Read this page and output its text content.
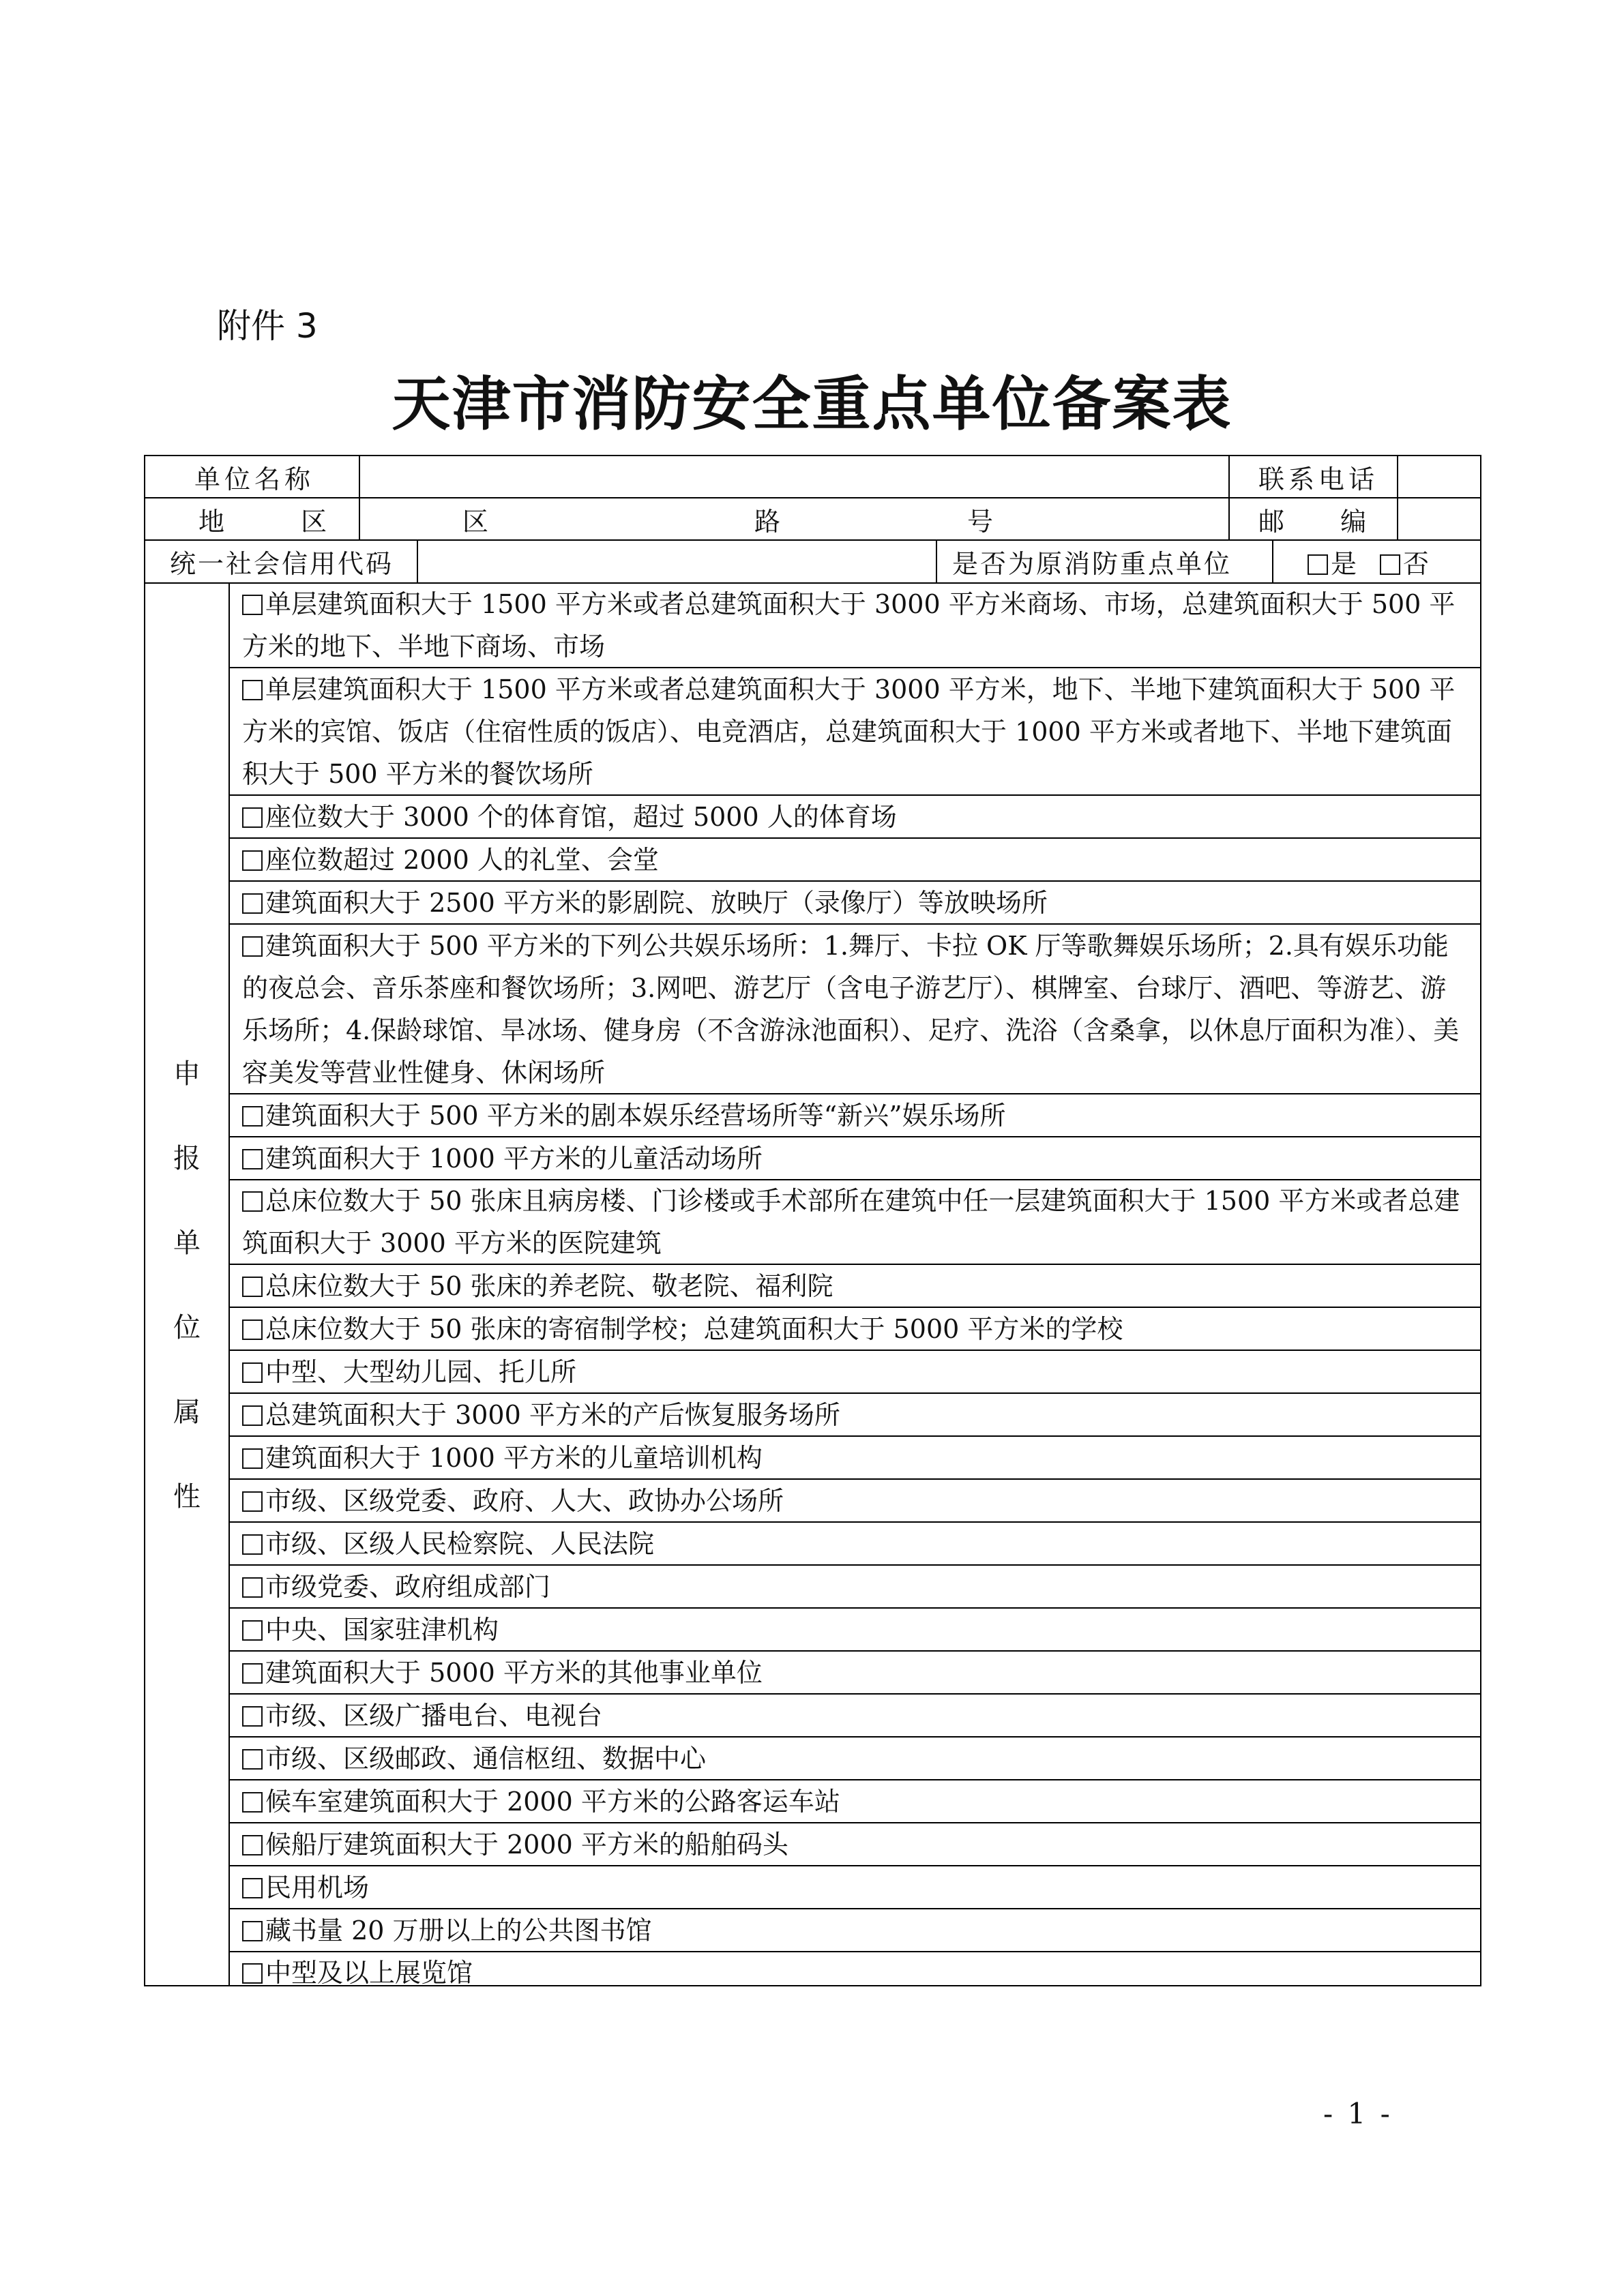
附件 3
天津市消防安全重点单位备案表
单位名称	联系电话
地 区	区	路	号	邮 编
统一社会信用代码	是否为原消防重点单位	是	否
申
报
单
位
属
性
单层建筑面积大于 1500 平方米或者总建筑面积大于 3000 平方米商场、市场，总建筑面积大于 500 平方米的地下、半地下商场、市场
单层建筑面积大于 1500 平方米或者总建筑面积大于 3000 平方米，地下、半地下建筑面积大于 500 平方米的宾馆、饭店（住宿性质的饭店）、电竞酒店，总建筑面积大于 1000 平方米或者地下、半地下建筑面积大于 500 平方米的餐饮场所
座位数大于 3000 个的体育馆，超过 5000 人的体育场
座位数超过 2000 人的礼堂、会堂
建筑面积大于 2500 平方米的影剧院、放映厅（录像厅）等放映场所
建筑面积大于 500 平方米的下列公共娱乐场所：1.舞厅、卡拉 OK 厅等歌舞娱乐场所；2.具有娱乐功能的夜总会、音乐茶座和餐饮场所；3.网吧、游艺厅（含电子游艺厅）、棋牌室、台球厅、酒吧、等游艺、游乐场所；4.保龄球馆、旱冰场、健身房（不含游泳池面积）、足疗、洗浴（含桑拿，以休息厅面积为准）、美容美发等营业性健身、休闲场所
建筑面积大于 500 平方米的剧本娱乐经营场所等“新兴”娱乐场所
建筑面积大于 1000 平方米的儿童活动场所
总床位数大于 50 张床且病房楼、门诊楼或手术部所在建筑中任一层建筑面积大于 1500 平方米或者总建筑面积大于 3000 平方米的医院建筑
总床位数大于 50 张床的养老院、敬老院、福利院
总床位数大于 50 张床的寄宿制学校；总建筑面积大于 5000 平方米的学校
中型、大型幼儿园、托儿所
总建筑面积大于 3000 平方米的产后恢复服务场所
建筑面积大于 1000 平方米的儿童培训机构
市级、区级党委、政府、人大、政协办公场所
市级、区级人民检察院、人民法院
市级党委、政府组成部门
中央、国家驻津机构
建筑面积大于 5000 平方米的其他事业单位
市级、区级广播电台、电视台
市级、区级邮政、通信枢纽、数据中心
候车室建筑面积大于 2000 平方米的公路客运车站
候船厅建筑面积大于 2000 平方米的船舶码头
民用机场
藏书量 20 万册以上的公共图书馆
中型及以上展览馆
- 1 -
